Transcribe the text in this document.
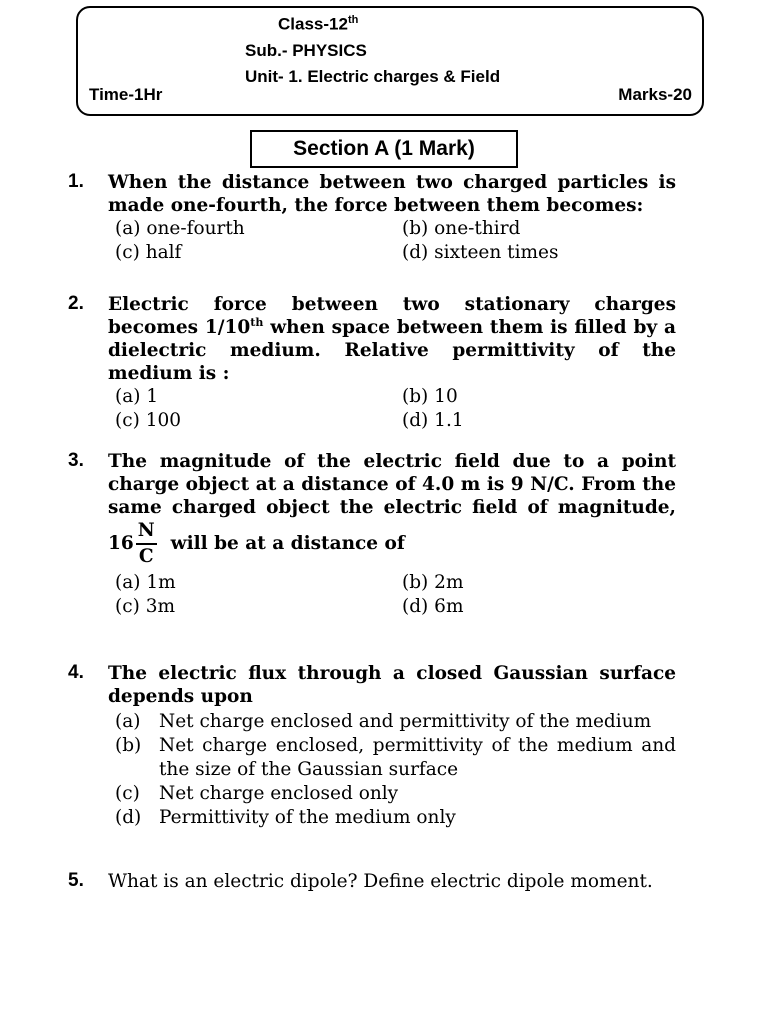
Class-12th
Sub.- PHYSICS
Unit- 1. Electric charges & Field
Time-1Hr	Marks-20
Section A (1 Mark)
1. When the distance between two charged particles is made one-fourth, the force between them becomes:
(a) one-fourth	(b) one-third
(c) half	(d) sixteen times
2. Electric force between two stationary charges becomes 1/10th when space between them is filled by a dielectric medium. Relative permittivity of the medium is :
(a) 1	(b) 10
(c) 100	(d) 1.1
3. The magnitude of the electric field due to a point charge object at a distance of 4.0 m is 9 N/C. From the same charged object the electric field of magnitude, $16 \frac{N}{C}$ will be at a distance of
(a) 1m	(b) 2m
(c) 3m	(d) 6m
4. The electric flux through a closed Gaussian surface depends upon
(a)	Net charge enclosed and permittivity of the medium
(b) Net charge enclosed, permittivity of the medium and the size of the Gaussian surface
(c)	Net charge enclosed only
(d) Permittivity of the medium only
5. What is an electric dipole? Define electric dipole moment.
